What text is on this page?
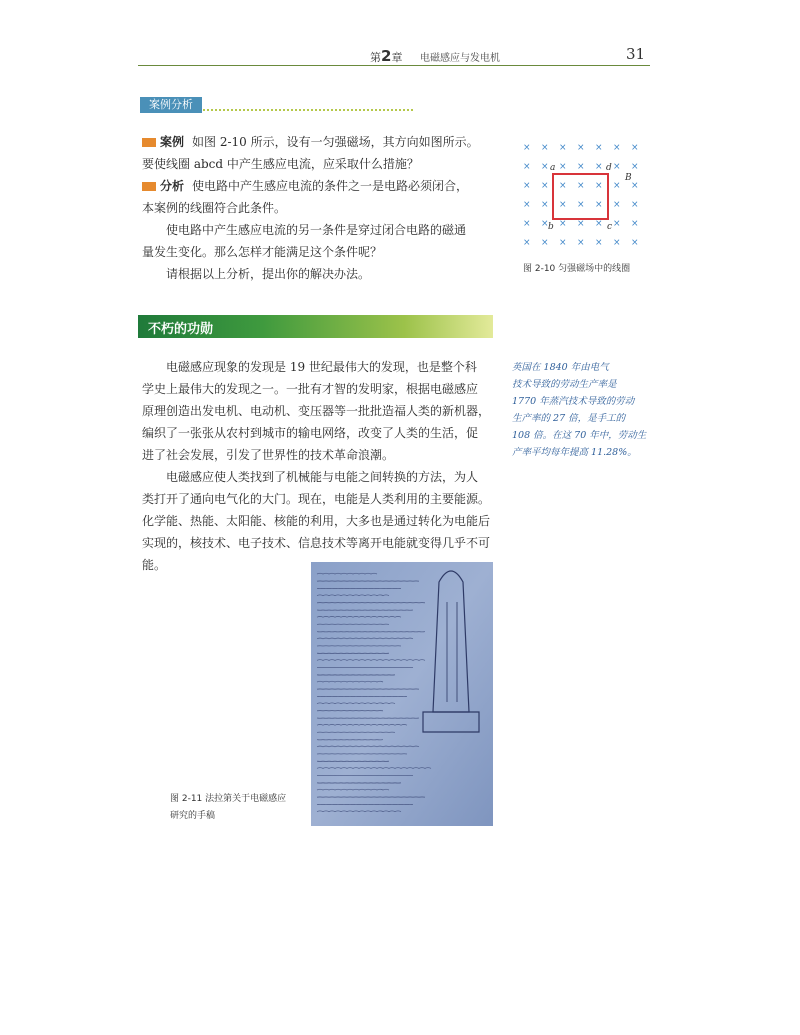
第2章 电磁感应与发电机	31
案例分析
案例 如图 2-10 所示，设有一匀强磁场，其方向如图所示。
要使线圈 abcd 中产生感应电流，应采取什么措施？
分析 使电路中产生感应电流的条件之一是电路必须闭合，
本案例的线圈符合此条件。
使电路中产生感应电流的另一条件是穿过闭合电路的磁通
量发生变化。那么怎样才能满足这个条件呢？
请根据以上分析，提出你的解决办法。
× × × × × × ×
× × × × × × ×
× × × × × × ×
× × × × × × ×
× × × × × × ×
× × × × × × ×
a	d
b	c
B
图 2-10 匀强磁场中的线圈
不朽的功勋
电磁感应现象的发现是 19 世纪最伟大的发现，也是整个科
学史上最伟大的发现之一。一批有才智的发明家，根据电磁感应
原理创造出发电机、电动机、变压器等一批批造福人类的新机器，
编织了一张张从农村到城市的输电网络，改变了人类的生活，促
进了社会发展，引发了世界性的技术革命浪潮。
电磁感应使人类找到了机械能与电能之间转换的方法，为人
类打开了通向电气化的大门。现在，电能是人类利用的主要能源。
化学能、热能、太阳能、核能的利用，大多也是通过转化为电能后
实现的，核技术、电子技术、信息技术等离开电能就变得几乎不可
能。
英国在 1840 年由电气
技术导致的劳动生产率是
1770 年蒸汽技术导致的劳动
生产率的 27 倍，是手工的
108 倍。在这 70 年中，劳动生
产率平均每年提高 11.28%。
图 2-11 法拉第关于电磁感应
研究的手稿
